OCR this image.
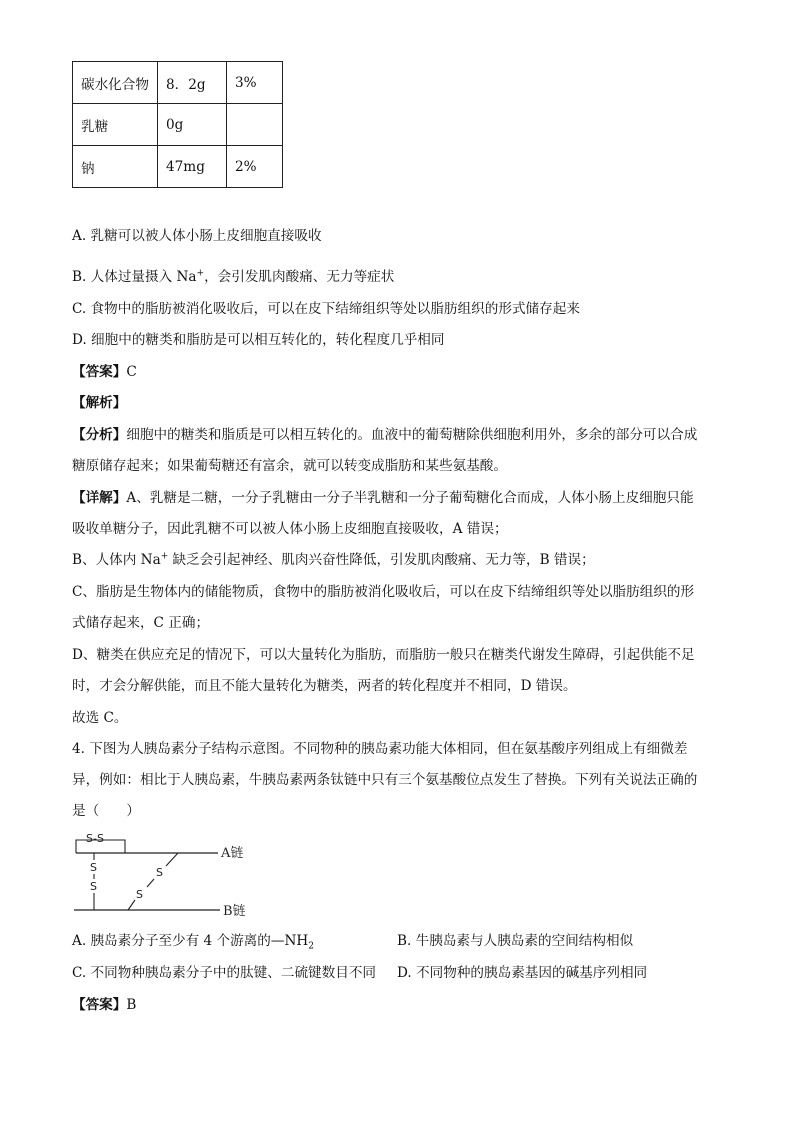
碳水化合物	8．2g	3%
乳糖	0g	
钠	47mg	2%
A. 乳糖可以被人体小肠上皮细胞直接吸收
B. 人体过量摄入 Na+，会引发肌肉酸痛、无力等症状
C. 食物中的脂肪被消化吸收后，可以在皮下结缔组织等处以脂肪组织的形式储存起来
D. 细胞中的糖类和脂肪是可以相互转化的，转化程度几乎相同
【答案】C
【解析】
【分析】细胞中的糖类和脂质是可以相互转化的。血液中的葡萄糖除供细胞利用外，多余的部分可以合成
糖原储存起来；如果葡萄糖还有富余，就可以转变成脂肪和某些氨基酸。
【详解】A、乳糖是二糖，一分子乳糖由一分子半乳糖和一分子葡萄糖化合而成，人体小肠上皮细胞只能
吸收单糖分子，因此乳糖不可以被人体小肠上皮细胞直接吸收，A 错误；
B、人体内 Na+ 缺乏会引起神经、肌肉兴奋性降低，引发肌肉酸痛、无力等，B 错误；
C、脂肪是生物体内的储能物质，食物中的脂肪被消化吸收后，可以在皮下结缔组织等处以脂肪组织的形
式储存起来，C 正确；
D、糖类在供应充足的情况下，可以大量转化为脂肪，而脂肪一般只在糖类代谢发生障碍，引起供能不足
时，才会分解供能，而且不能大量转化为糖类，两者的转化程度并不相同，D 错误。
故选 C。
4. 下图为人胰岛素分子结构示意图。不同物种的胰岛素功能大体相同，但在氨基酸序列组成上有细微差
异，例如：相比于人胰岛素，牛胰岛素两条钛链中只有三个氨基酸位点发生了替换。下列有关说法正确的
是（　　）
S-S
S
S
S
S
A链
B链
A. 胰岛素分子至少有 4 个游离的$—NH_2$	B. 牛胰岛素与人胰岛素的空间结构相似
C. 不同物种胰岛素分子中的肽键、二硫键数目不同 D. 不同物种的胰岛素基因的碱基序列相同
【答案】B
